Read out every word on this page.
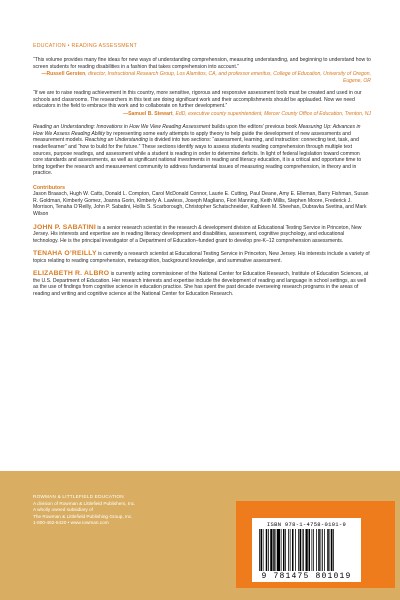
EDUCATION • READING ASSESSMENT

“This volume provides many fine ideas for new ways of understanding comprehension, measuring understanding, and beginning to understand how to screen students for reading disabilities in a fashion that takes comprehension into account.”

—Russell Gersten, director, Instructional Research Group, Los Alamitos, CA, and professor emeritus, College of Education, University of Oregon, Eugene, OR

“If we are to raise reading achievement in this country, more sensitive, rigorous and responsive assessment tools must be created and used in our schools and classrooms. The researchers in this text are doing significant work and their accomplishments should be applauded. Now we need educators in the field to embrace this work and to collaborate on further development.”

—Samuel B. Stewart, EdD, executive county superintendent, Mercer County Office of Education, Trenton, NJ

Reading an Understanding: Innovations in How We View Reading Assessment builds upon the editors’ previous book Measuring Up: Advances in How We Assess Reading Ability by representing some early attempts to apply theory to help guide the development of new assessments and measurement models. Reaching an Understanding is divided into two sections: “assessment, learning, and instruction: connecting text, task, and reader/learner” and “how to build for the future.” These sections identify ways to assess students reading comprehension through multiple text sources, purpose readings, and assessment while a student is reading in order to determine deficits. In light of federal legislation toward common core standards and assessments, as well as significant national investments in reading and literacy education, it is a critical and opportune time to bring together the research and measurement community to address fundamental issues of measuring reading comprehension, in theory and in practice.

Contributors

Jason Braasch, Hugh W. Catts, Donald L. Compton, Carol McDonald Connor, Laurie E. Cutting, Paul Deane, Amy E. Elleman, Barry Fishman, Susan R. Goldman, Kimberly Gomez, Joanna Gorin, Kimberly A. Lawless, Joseph Magliano, Fiori Manning, Keith Millis, Stephen Moore, Frederick J. Morrison, Tenaha O’Reilly, John P. Sabatini, Hollis S. Scarborough, Christopher Schatschneider, Kathleen M. Sheehan, Dubravka Svetina, and Mark Wilson

JOHN P. SABATINI is a senior research scientist in the research & development division at Educational Testing Service in Princeton, New Jersey. His interests and expertise are in reading literacy development and disabilities, assessment, cognitive psychology, and educational technology. He is the principal investigator of a Department of Education–funded grant to develop pre-K–12 comprehension assessments.

TENAHA O’REILLY is currently a research scientist at Educational Testing Service in Princeton, New Jersey. His interests include a variety of topics relating to reading comprehension, metacognition, background knowledge, and summative assessment.

ELIZABETH R. ALBRO is currently acting commissioner of the National Center for Education Research, Institute of Education Sciences, at the U.S. Department of Education. Her research interests and expertise include the development of reading and language in school settings, as well as the use of findings from cognitive science in education practice. She has spent the past decade overseeing research programs in the areas of reading and writing and cognitive science at the National Center for Education Research.

ROWMAN & LITTLEFIELD EDUCATION
A division of Rowman & Littlefield Publishers, Inc.
A wholly owned subsidiary of
The Rowman & Littlefield Publishing Group, Inc.
1-800-462-6420 • www.rowman.com	ISBN 978-1-4758-0101-9
9 781475 801019
